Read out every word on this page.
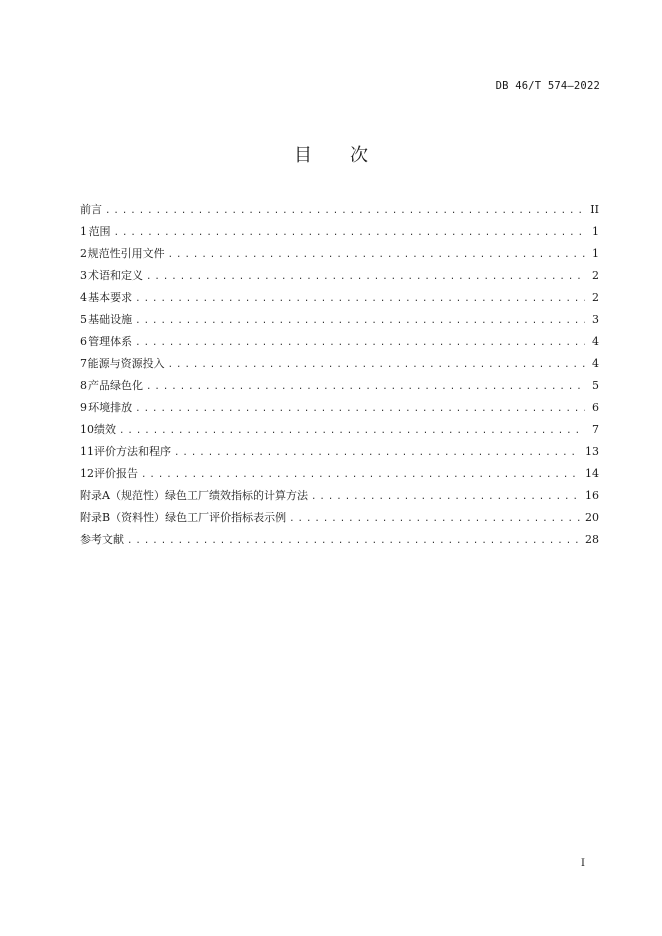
DB 46/T 574—2022
目次
前言 . . .	II
1 范围 . . .	1
2 规范性引用文件 . . .	1
3 术语和定义 . . .	2
4 基本要求 . . .	2
5 基础设施 . . .	3
6 管理体系 . . .	4
7 能源与资源投入 . . .	4
8 产品绿色化 . . .	5
9 环境排放 . . .	6
10 绩效 . . .	7
11 评价方法和程序 . . .	13
12 评价报告 . . .	14
附录A（规范性） 绿色工厂绩效指标的计算方法 . . .	16
附录B（资料性） 绿色工厂评价指标表示例 . . .	20
参考文献 . . .	28
I
